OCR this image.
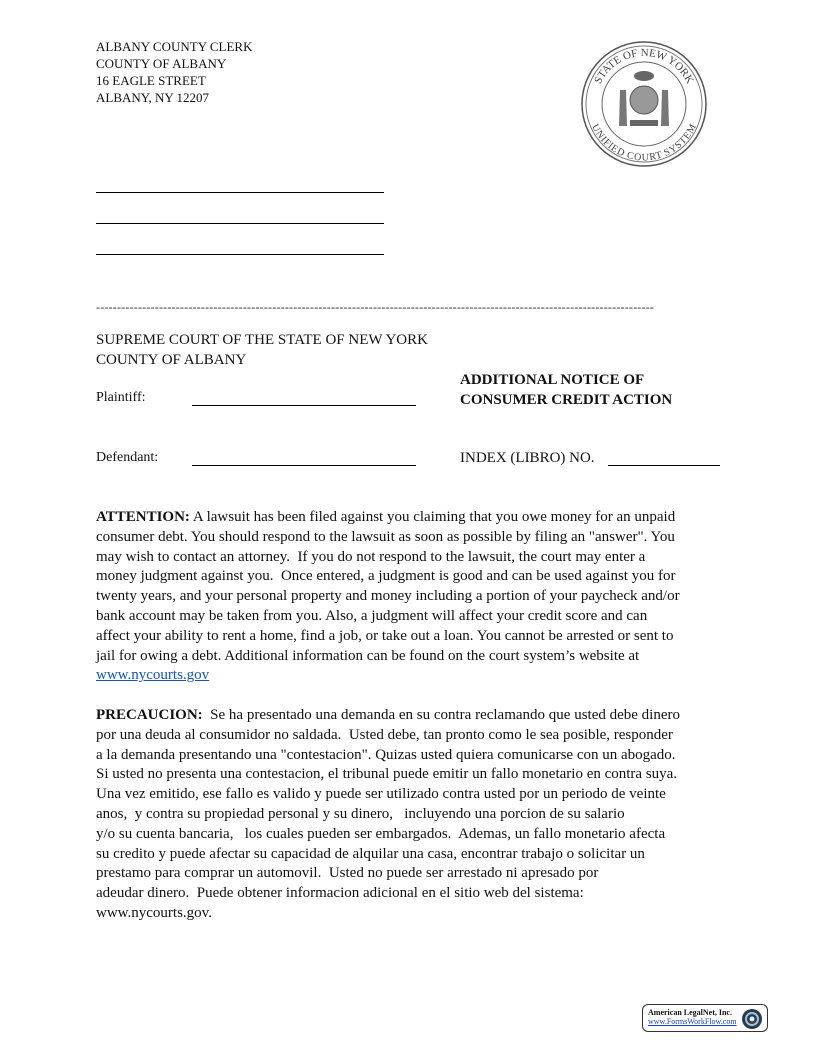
ALBANY COUNTY CLERK
COUNTY OF ALBANY
16 EAGLE STREET
ALBANY, NY 12207
STATE OF NEW YORK
UNIFIED COURT SYSTEM
-------------------------------------------------------------------------------------------------------------------------------------
SUPREME COURT OF THE STATE OF NEW YORK
COUNTY OF ALBANY
ADDITIONAL NOTICE OF
CONSUMER CREDIT ACTION
Plaintiff:
Defendant:	INDEX (LIBRO) NO.
ATTENTION: A lawsuit has been filed against you claiming that you owe money for an unpaid
consumer debt. You should respond to the lawsuit as soon as possible by filing an "answer". You
may wish to contact an attorney.  If you do not respond to the lawsuit, the court may enter a
money judgment against you.  Once entered, a judgment is good and can be used against you for
twenty years, and your personal property and money including a portion of your paycheck and/or
bank account may be taken from you. Also, a judgment will affect your credit score and can
affect your ability to rent a home, find a job, or take out a loan. You cannot be arrested or sent to
jail for owing a debt. Additional information can be found on the court system’s website at
www.nycourts.gov
PRECAUCION:  Se ha presentado una demanda en su contra reclamando que usted debe dinero
por una deuda al consumidor no saldada.  Usted debe, tan pronto como le sea posible, responder
a la demanda presentando una "contestacion". Quizas usted quiera comunicarse con un abogado.
Si usted no presenta una contestacion, el tribunal puede emitir un fallo monetario en contra suya.
Una vez emitido, ese fallo es valido y puede ser utilizado contra usted por un periodo de veinte
anos,  y contra su propiedad personal y su dinero,   incluyendo una porcion de su salario
y/o su cuenta bancaria,   los cuales pueden ser embargados.  Ademas, un fallo monetario afecta
su credito y puede afectar su capacidad de alquilar una casa, encontrar trabajo o solicitar un
prestamo para comprar un automovil.  Usted no puede ser arrestado ni apresado por
adeudar dinero.  Puede obtener informacion adicional en el sitio web del sistema:
www.nycourts.gov.
American LegalNet, Inc.
www.FormsWorkFlow.com
